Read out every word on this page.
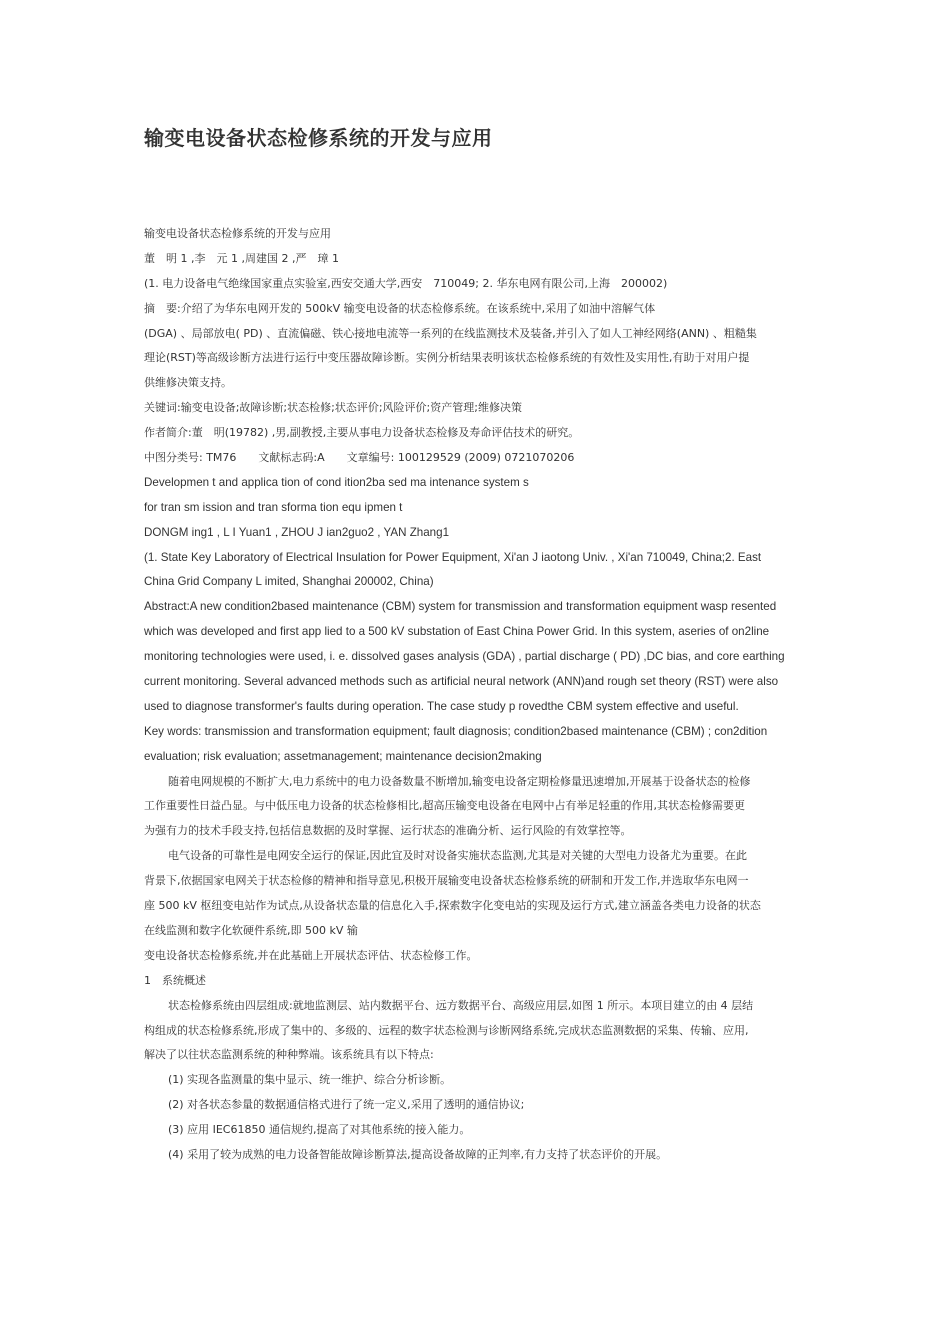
输变电设备状态检修系统的开发与应用
输变电设备状态检修系统的开发与应用
董　明 1 ,李　元 1 ,周建国 2 ,严　璋 1
(1. 电力设备电气绝缘国家重点实验室,西安交通大学,西安　710049; 2. 华东电网有限公司,上海　200002)
摘　要:介绍了为华东电网开发的 500kV 输变电设备的状态检修系统。在该系统中,采用了如油中溶解气体
(DGA) 、局部放电( PD) 、直流偏磁、铁心接地电流等一系列的在线监测技术及装备,并引入了如人工神经网络(ANN) 、粗糙集
理论(RST)等高级诊断方法进行运行中变压器故障诊断。实例分析结果表明该状态检修系统的有效性及实用性,有助于对用户提
供维修决策支持。
关键词:输变电设备;故障诊断;状态检修;状态评价;风险评价;资产管理;维修决策
作者简介:董　明(19782) ,男,副教授,主要从事电力设备状态检修及寿命评估技术的研究。
中图分类号: TM76　　文献标志码:A　　文章编号: 100129529 (2009) 0721070206
Developmen t and applica tion of cond ition2ba sed ma intenance system s
for tran sm ission and tran sforma tion equ ipmen t
DONGM ing1 , L I Yuan1 , ZHOU J ian2guo2 , YAN Zhang1
(1. State Key Laboratory of Electrical Insulation for Power Equipment, Xi'an J iaotong Univ. , Xi'an 710049, China;2. East
China Grid Company L imited, Shanghai 200002, China)
Abstract:A new condition2based maintenance (CBM) system for transmission and transformation equipment wasp resented
which was developed and first app lied to a 500 kV substation of East China Power Grid. In this system, aseries of on2line
monitoring technologies were used, i. e. dissolved gases analysis (GDA) , partial discharge ( PD) ,DC bias, and core earthing
current monitoring. Several advanced methods such as artificial neural network (ANN)and rough set theory (RST) were also
used to diagnose transformer's faults during operation. The case study p rovedthe CBM system effective and useful.
Key words: transmission and transformation equipment; fault diagnosis; condition2based maintenance (CBM) ; con2dition
evaluation; risk evaluation; assetmanagement; maintenance decision2making
随着电网规模的不断扩大,电力系统中的电力设备数量不断增加,输变电设备定期检修量迅速增加,开展基于设备状态的检修
工作重要性日益凸显。与中低压电力设备的状态检修相比,超高压输变电设备在电网中占有举足轻重的作用,其状态检修需要更
为强有力的技术手段支持,包括信息数据的及时掌握、运行状态的准确分析、运行风险的有效掌控等。
电气设备的可靠性是电网安全运行的保证,因此宜及时对设备实施状态监测,尤其是对关键的大型电力设备尤为重要。在此
背景下,依据国家电网关于状态检修的精神和指导意见,积极开展输变电设备状态检修系统的研制和开发工作,并选取华东电网一
座 500 kV 枢纽变电站作为试点,从设备状态量的信息化入手,探索数字化变电站的实现及运行方式,建立涵盖各类电力设备的状态
在线监测和数字化软硬件系统,即 500 kV 输
变电设备状态检修系统,并在此基础上开展状态评估、状态检修工作。
1　系统概述
状态检修系统由四层组成:就地监测层、站内数据平台、远方数据平台、高级应用层,如图 1 所示。本项目建立的由 4 层结
构组成的状态检修系统,形成了集中的、多级的、远程的数字状态检测与诊断网络系统,完成状态监测数据的采集、传输、应用,
解决了以往状态监测系统的种种弊端。该系统具有以下特点:
(1) 实现各监测量的集中显示、统一维护、综合分析诊断。
(2) 对各状态参量的数据通信格式进行了统一定义,采用了透明的通信协议;
(3) 应用 IEC61850 通信规约,提高了对其他系统的接入能力。
(4) 采用了较为成熟的电力设备智能故障诊断算法,提高设备故障的正判率,有力支持了状态评价的开展。
